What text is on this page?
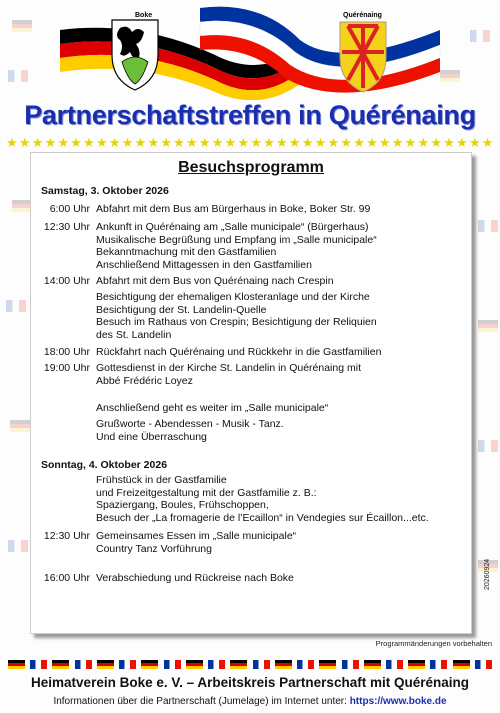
Boke	Quérénaing
Partnerschaftstreffen in Quérénaing
★ ★ ★ ★ ★ ★ ★ ★ ★ ★ ★ ★ ★ ★ ★ ★ ★ ★ ★ ★ ★ ★ ★ ★ ★ ★ ★ ★ ★ ★ ★ ★ ★ ★ ★ ★ ★ ★
Besuchsprogramm
Samstag, 3. Oktober 2026
6:00 Uhr Abfahrt mit dem Bus am Bürgerhaus in Boke, Boker Str. 99
12:30 Uhr Ankunft in Quérénaing am „Salle municipale“ (Bürgerhaus)
Musikalische Begrüßung und Empfang im „Salle municipale“
Bekanntmachung mit den Gastfamilien
Anschließend Mittagessen in den Gastfamilien
14:00 Uhr Abfahrt mit dem Bus von Quérénaing nach Crespin
Besichtigung der ehemaligen Klosteranlage und der Kirche
Besichtigung der St. Landelin-Quelle
Besuch im Rathaus von Crespin; Besichtigung der Reliquien
des St. Landelin
18:00 Uhr Rückfahrt nach Quérénaing und Rückkehr in die Gastfamilien
19:00 Uhr Gottesdienst in der Kirche St. Landelin in Quérénaing mit
Abbé Frédéric Loyez
Anschließend geht es weiter im „Salle municipale“
Grußworte - Abendessen - Musik - Tanz.
Und eine Überraschung
Frühstück in der Gastfamilie
und Freizeitgestaltung mit der Gastfamilie z. B.:
Spaziergang, Boules, Frühschoppen,
Besuch der „La fromagerie de l’Ecaillon“ in Vendegies sur Écaillon...etc.
12:30 Uhr Gemeinsames Essen im „Salle municipale“
Country Tanz Vorführung
16:00 Uhr Verabschiedung und Rückreise nach Boke
Sonntag, 4. Oktober 2026
20260924
Programmänderungen vorbehalten
Heimatverein Boke e. V. – Arbeitskreis Partnerschaft mit Quérénaing
Informationen über die Partnerschaft (Jumelage) im Internet unter: https://www.boke.de
